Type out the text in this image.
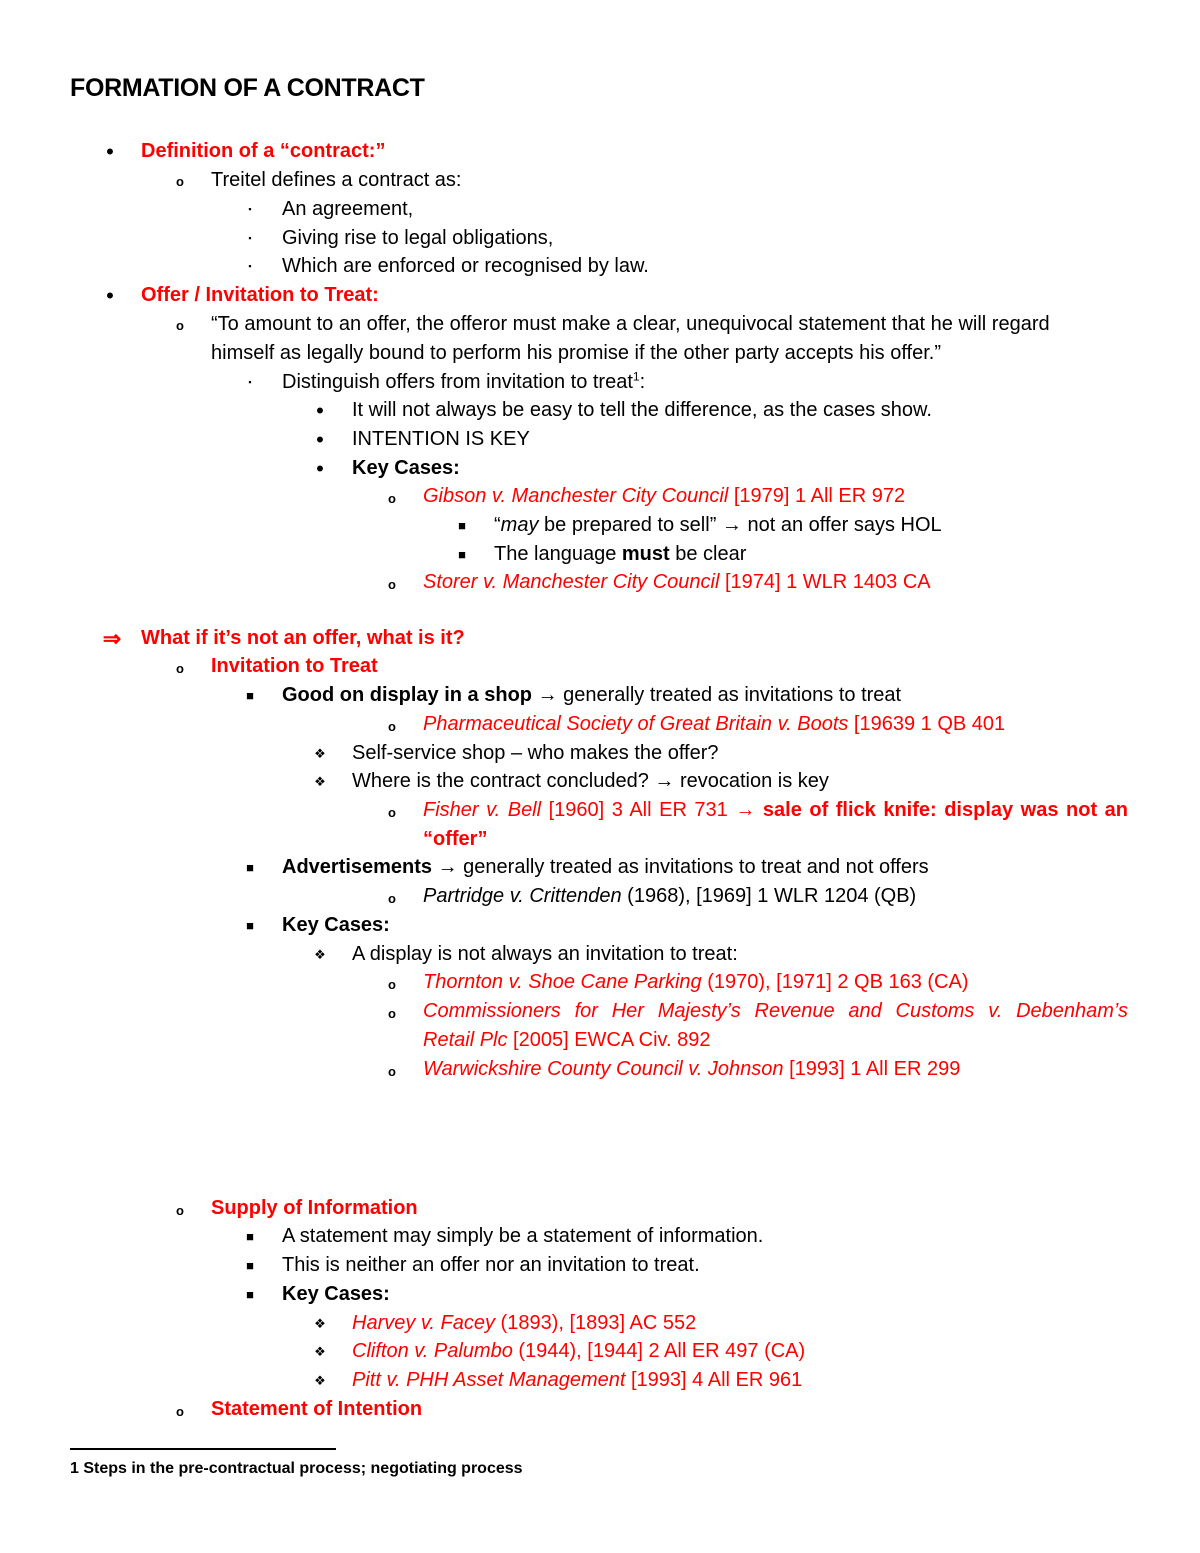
FORMATION OF A CONTRACT
•	Definition of a “contract:”
o	Treitel defines a contract as:
▪	An agreement,
▪	Giving rise to legal obligations,
▪	Which are enforced or recognised by law.
•	Offer / Invitation to Treat:
o	“To amount to an offer, the offeror must make a clear, unequivocal statement that he will regard
himself as legally bound to perform his promise if the other party accepts his offer.”
▪	Distinguish offers from invitation to treat$^1$:
•	It will not always be easy to tell the difference, as the cases show.
•	INTENTION IS KEY
•	Key Cases:
o	Gibson v. Manchester City Council [1979] 1 All ER 972
■	“may be prepared to sell” → not an offer says HOL
■	The language must be clear
o	Storer v. Manchester City Council [1974] 1 WLR 1403 CA
⇒ What if it’s not an offer, what is it?
o	Invitation to Treat
■	Good on display in a shop → generally treated as invitations to treat
o	Pharmaceutical Society of Great Britain v. Boots [19639 1 QB 401
❖ Self-service shop – who makes the offer?
❖ Where is the contract concluded? → revocation is key
o	Fisher v. Bell [1960] 3 All ER 731 → sale of flick knife: display was not an
“offer”
■	Advertisements → generally treated as invitations to treat and not offers
o	Partridge v. Crittenden (1968), [1969] 1 WLR 1204 (QB)
■	Key Cases:
❖ A display is not always an invitation to treat:
o	Thornton v. Shoe Cane Parking (1970), [1971] 2 QB 163 (CA)
o	Commissioners for Her Majesty’s Revenue and Customs v. Debenham’s
Retail Plc [2005] EWCA Civ. 892
o	Warwickshire County Council v. Johnson [1993] 1 All ER 299
o	Supply of Information
■	A statement may simply be a statement of information.
■	This is neither an offer nor an invitation to treat.
■	Key Cases:
❖ Harvey v. Facey (1893), [1893] AC 552
❖ Clifton v. Palumbo (1944), [1944] 2 All ER 497 (CA)
❖ Pitt v. PHH Asset Management [1993] 4 All ER 961
o	Statement of Intention
1 Steps in the pre-contractual process; negotiating process
